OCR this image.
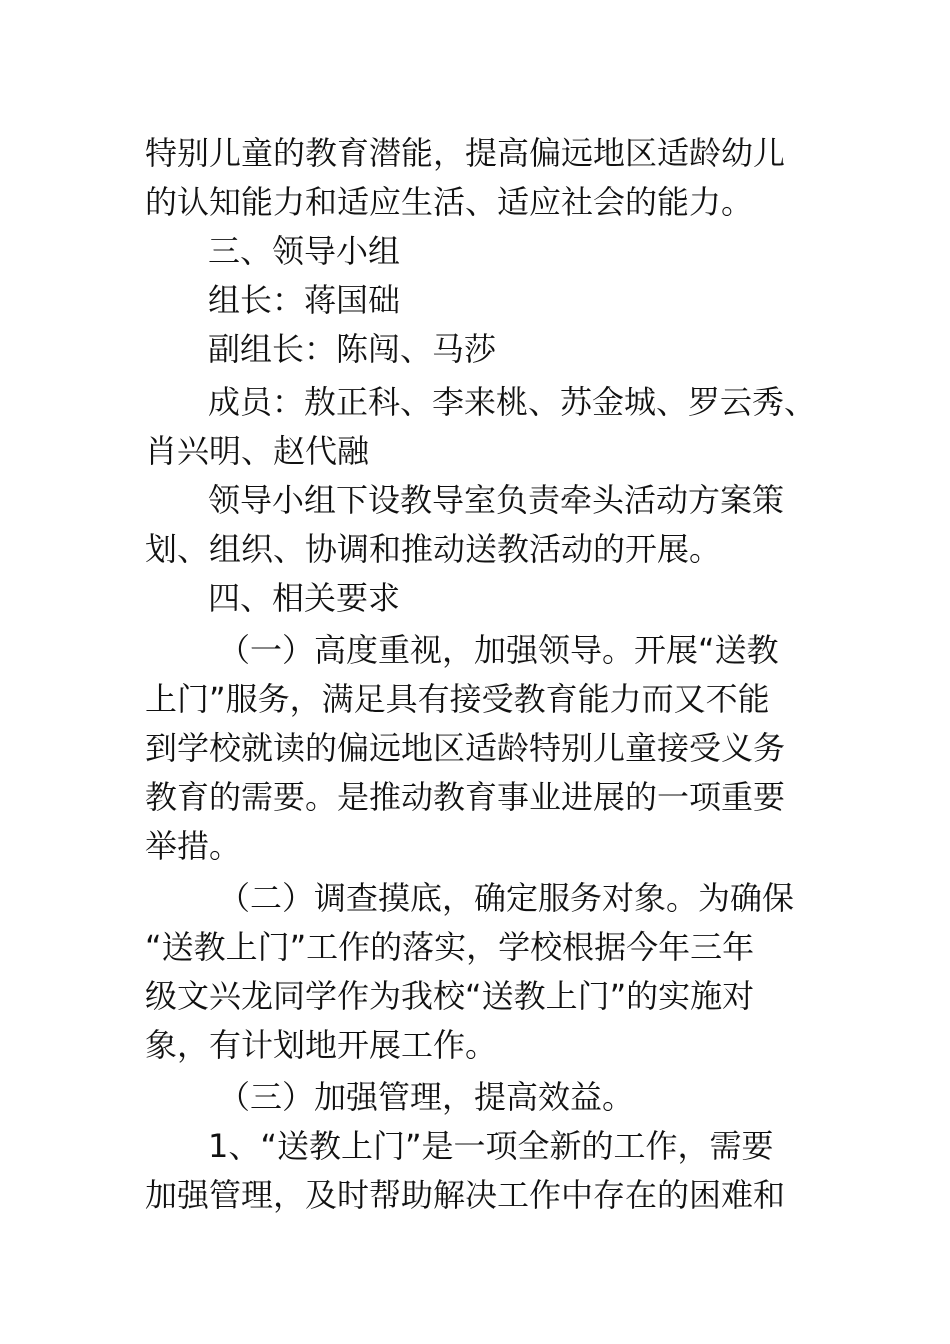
特别儿童的教育潜能，提高偏远地区适龄幼儿
的认知能力和适应生活、适应社会的能力。
三、领导小组
组长：蒋国础
副组长：陈闯、马莎
成员：敖正科、李来桃、苏金城、罗云秀、
肖兴明、赵代融
领导小组下设教导室负责牵头活动方案策
划、组织、协调和推动送教活动的开展。
四、相关要求
（一）高度重视，加强领导。开展“送教
上门”服务，满足具有接受教育能力而又不能
到学校就读的偏远地区适龄特别儿童接受义务
教育的需要。是推动教育事业进展的一项重要
举措。
（二）调查摸底，确定服务对象。为确保
“送教上门”工作的落实，学校根据今年三年
级文兴龙同学作为我校“送教上门”的实施对
象，有计划地开展工作。
（三）加强管理，提高效益。
1、“送教上门”是一项全新的工作，需要
加强管理，及时帮助解决工作中存在的困难和
